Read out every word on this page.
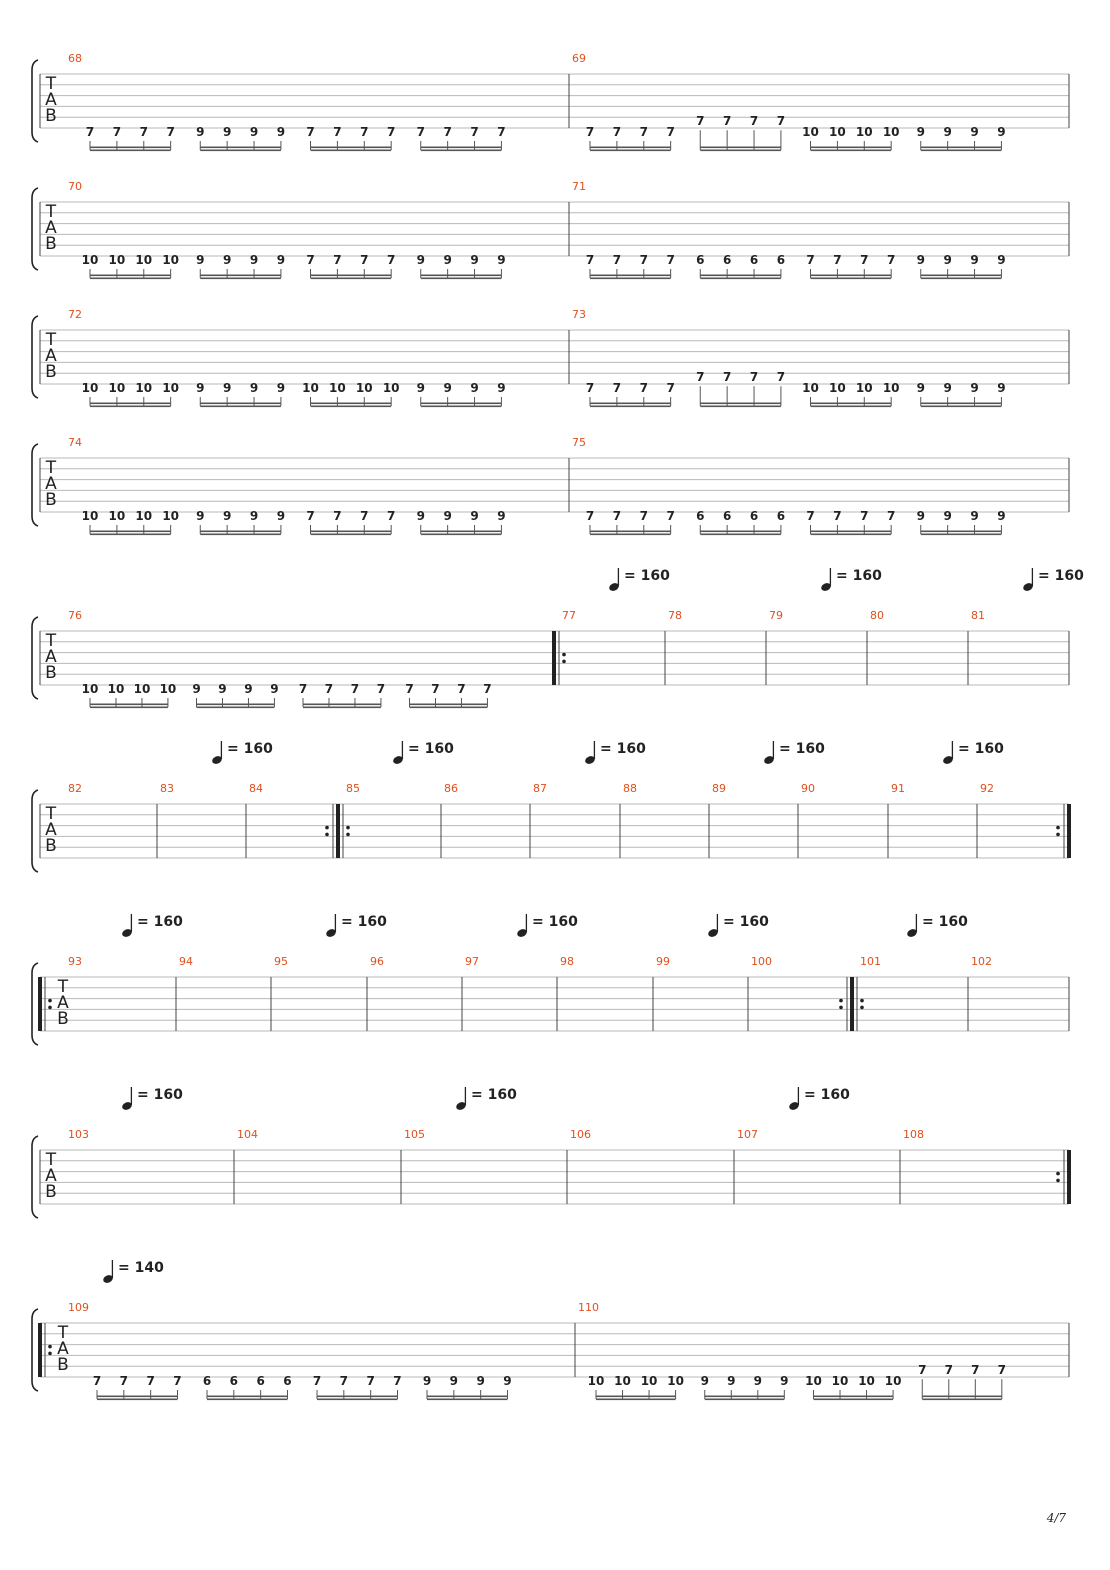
T
A
B
68
7 7 7 7 9 9 9 9 7 7 7 7 7 7 7 7
69
7 7 7 7
7 7 7 7
10 10 10 10 9 9 9 9
T
A
B
70
10 10 10 10 9 9 9 9 7 7 7 7 9 9 9 9
71
7 7 7 7 6 6 6 6 7 7 7 7 9 9 9 9
T
A
B
72
10 10 10 10 9 9 9 9 10 10 10 10 9 9 9 9
73
7 7 7 7
7 7 7 7
10 10 10 10 9 9 9 9
T
A
B
74
10 10 10 10 9 9 9 9 7 7 7 7 9 9 9 9
75
7 7 7 7 6 6 6 6 7 7 7 7 9 9 9 9
T
A
B
76
10 10 10 10 9 9 9 9 7 7 7 7 7 7 7 7
77
= 160
78	79
= 160
80	81
= 160
T
A
B
82	83
= 160
84	85
= 160
86	87
= 160
88	89
= 160
90	91
= 160
92
T
A
B
93
= 160
94	95
= 160
96	97
= 160
98	99
= 160
100	101
= 160
102
T
A
B
103
= 160
104	105
= 160
106	107
= 160
108
T
A
B
109
= 140
7 7 7 7 6 6 6 6 7 7 7 7 9 9 9 9
110
10 10 10 10 9 9 9 9 10 10 10 10
7 7 7 7
4/7
